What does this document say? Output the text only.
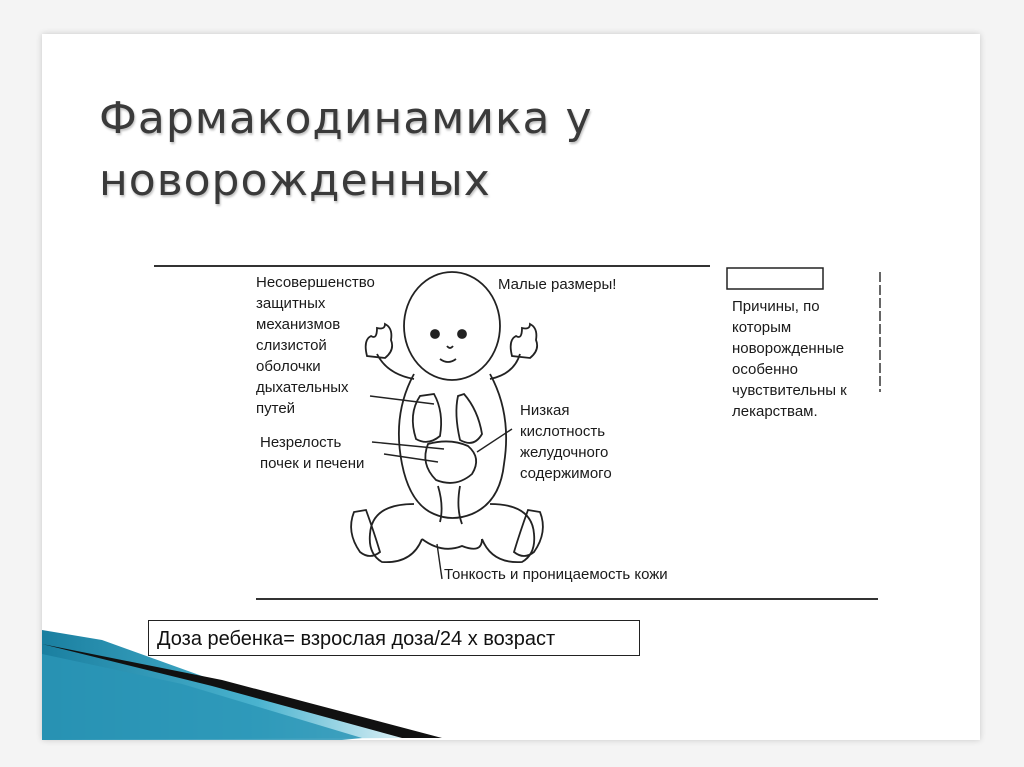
Фармакодинамика у новорожденных
Несовершенство защитных механизмов слизистой оболочки дыхательных путей
Малые размеры!
Незрелость почек и печени
Низкая кислотность желудочного содержимого
Тонкость и проницаемость кожи
Причины, по которым новорожденные особенно чувствительны к лекарствам.
Доза ребенка= взрослая доза/24 х возраст
